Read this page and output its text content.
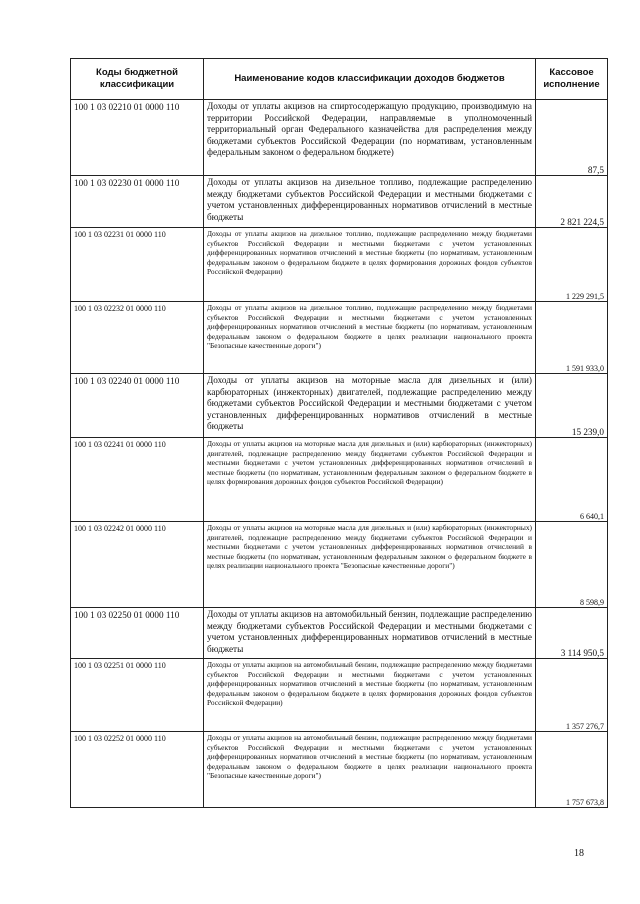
Коды бюджетной классификации	Наименование кодов классификации доходов бюджетов	Кассовое исполнение
100 1 03 02210 01 0000 110	Доходы от уплаты акцизов на спиртосодержащую продукцию, производимую на территории Российской Федерации, направляемые в уполномоченный территориальный орган Федерального казначейства для распределения между бюджетами субъектов Российской Федерации (по нормативам, установленным федеральным законом о федеральном бюджете)	87,5
100 1 03 02230 01 0000 110	Доходы от уплаты акцизов на дизельное топливо, подлежащие распределению между бюджетами субъектов Российской Федерации и местными бюджетами с учетом установленных дифференцированных нормативов отчислений в местные бюджеты	2 821 224,5
100 1 03 02231 01 0000 110	Доходы от уплаты акцизов на дизельное топливо, подлежащие распределению между бюджетами субъектов Российской Федерации и местными бюджетами с учетом установленных дифференцированных нормативов отчислений в местные бюджеты (по нормативам, установленным федеральным законом о федеральном бюджете в целях формирования дорожных фондов субъектов Российской Федерации)	1 229 291,5
100 1 03 02232 01 0000 110	Доходы от уплаты акцизов на дизельное топливо, подлежащие распределению между бюджетами субъектов Российской Федерации и местными бюджетами с учетом установленных дифференцированных нормативов отчислений в местные бюджеты (по нормативам, установленным федеральным законом о федеральном бюджете в целях реализации национального проекта "Безопасные качественные дороги")	1 591 933,0
100 1 03 02240 01 0000 110	Доходы от уплаты акцизов на моторные масла для дизельных и (или) карбюраторных (инжекторных) двигателей, подлежащие распределению между бюджетами субъектов Российской Федерации и местными бюджетами с учетом установленных дифференцированных нормативов отчислений в местные бюджеты	15 239,0
100 1 03 02241 01 0000 110	Доходы от уплаты акцизов на моторные масла для дизельных и (или) карбюраторных (инжекторных) двигателей, подлежащие распределению между бюджетами субъектов Российской Федерации и местными бюджетами с учетом установленных дифференцированных нормативов отчислений в местные бюджеты (по нормативам, установленным федеральным законом о федеральном бюджете в целях формирования дорожных фондов субъектов Российской Федерации)	6 640,1
100 1 03 02242 01 0000 110	Доходы от уплаты акцизов на моторные масла для дизельных и (или) карбюраторных (инжекторных) двигателей, подлежащие распределению между бюджетами субъектов Российской Федерации и местными бюджетами с учетом установленных дифференцированных нормативов отчислений в местные бюджеты (по нормативам, установленным федеральным законом о федеральном бюджете в целях реализации национального проекта "Безопасные качественные дороги")	8 598,9
100 1 03 02250 01 0000 110	Доходы от уплаты акцизов на автомобильный бензин, подлежащие распределению между бюджетами субъектов Российской Федерации и местными бюджетами с учетом установленных дифференцированных нормативов отчислений в местные бюджеты	3 114 950,5
100 1 03 02251 01 0000 110	Доходы от уплаты акцизов на автомобильный бензин, подлежащие распределению между бюджетами субъектов Российской Федерации и местными бюджетами с учетом установленных дифференцированных нормативов отчислений в местные бюджеты (по нормативам, установленным федеральным законом о федеральном бюджете в целях формирования дорожных фондов субъектов Российской Федерации)	1 357 276,7
100 1 03 02252 01 0000 110	Доходы от уплаты акцизов на автомобильный бензин, подлежащие распределению между бюджетами субъектов Российской Федерации и местными бюджетами с учетом установленных дифференцированных нормативов отчислений в местные бюджеты (по нормативам, установленным федеральным законом о федеральном бюджете в целях реализации национального проекта "Безопасные качественные дороги")	1 757 673,8
18
